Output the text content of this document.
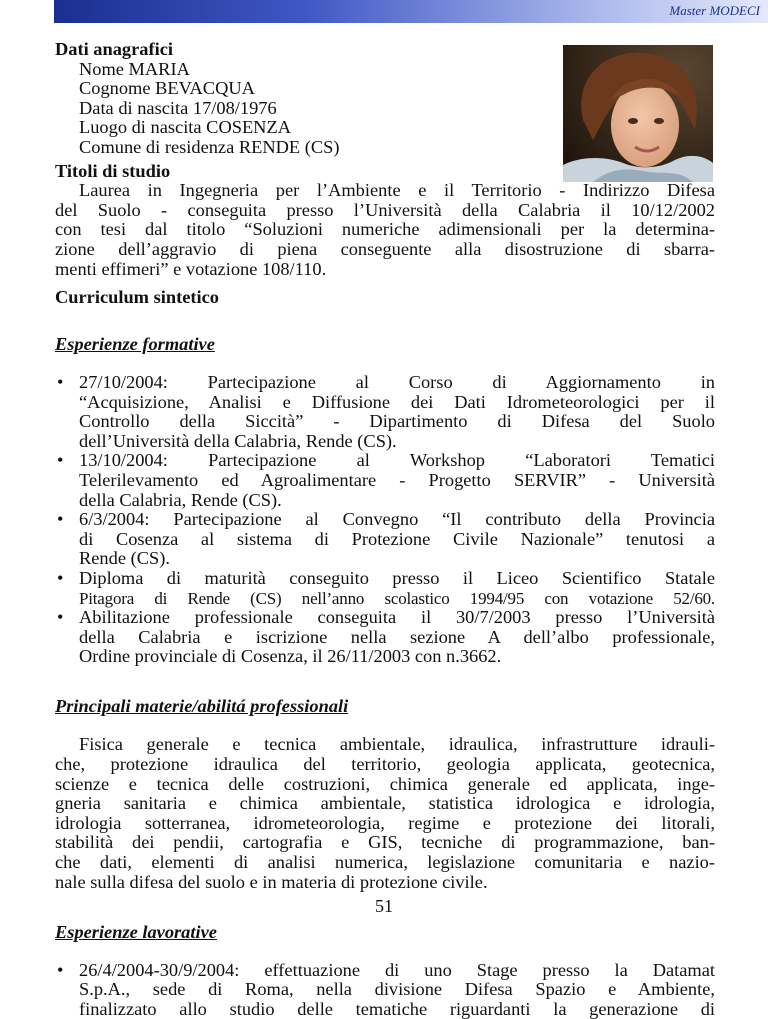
Master MODECI

Dati anagrafici

Nome MARIA

Cognome BEVACQUA

Data di nascita 17/08/1976

Luogo di nascita COSENZA

Comune di residenza RENDE (CS)

Titoli di studio

Laurea in Ingegneria per l’Ambiente e il Territorio - Indirizzo Difesa

del Suolo - conseguita presso l’Università della Calabria il 10/12/2002

con tesi dal titolo “Soluzioni numeriche adimensionali per la determina-

zione dell’aggravio di piena conseguente alla disostruzione di sbarra-

menti effimeri” e votazione 108/110.

Curriculum sintetico

Esperienze formative

• 27/10/2004: Partecipazione al Corso di Aggiornamento in

“Acquisizione, Analisi e Diffusione dei Dati Idrometeorologici per il

Controllo della Siccità” - Dipartimento di Difesa del Suolo

dell’Università della Calabria, Rende (CS).

• 13/10/2004: Partecipazione al Workshop “Laboratori Tematici

Telerilevamento ed Agroalimentare - Progetto SERVIR” - Università

della Calabria, Rende (CS).

• 6/3/2004: Partecipazione al Convegno “Il contributo della Provincia

di Cosenza al sistema di Protezione Civile Nazionale” tenutosi a

Rende (CS).

• Diploma di maturità conseguito presso il Liceo Scientifico Statale

Pitagora di Rende (CS) nell’anno scolastico 1994/95 con votazione 52/60.

• Abilitazione professionale conseguita il 30/7/2003 presso l’Università

della Calabria e iscrizione nella sezione A dell’albo professionale,

Ordine provinciale di Cosenza, il 26/11/2003 con n.3662.

Principali materie/abilitá professionali

Fisica generale e tecnica ambientale, idraulica, infrastrutture idrauli-

che, protezione idraulica del territorio, geologia applicata, geotecnica,

scienze e tecnica delle costruzioni, chimica generale ed applicata, inge-

gneria sanitaria e chimica ambientale, statistica idrologica e idrologia,

idrologia sotterranea, idrometeorologia, regime e protezione dei litorali,

stabilità dei pendii, cartografia e GIS, tecniche di programmazione, ban-

che dati, elementi di analisi numerica, legislazione comunitaria e nazio-

nale sulla difesa del suolo e in materia di protezione civile.

Esperienze lavorative

• 26/4/2004-30/9/2004: effettuazione di uno Stage presso la Datamat

S.p.A., sede di Roma, nella divisione Difesa Spazio e Ambiente,

finalizzato allo studio delle tematiche riguardanti la generazione di

51
